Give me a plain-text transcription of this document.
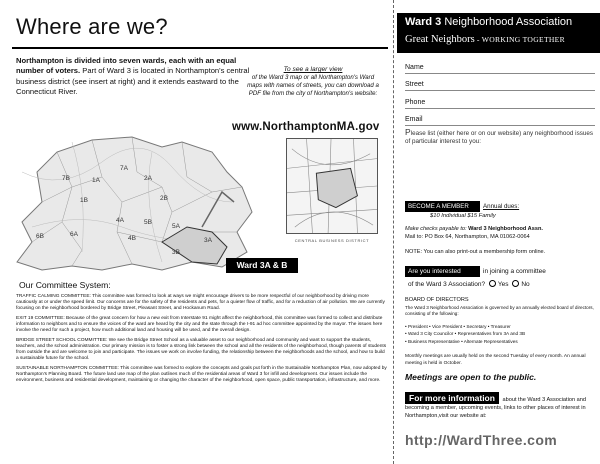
Where are we?
Northampton is divided into seven wards, each with an equal number of voters. Part of Ward 3 is located in Northampton's central business district (see insert at right) and it extends eastward to the Connecticut River.
To see a larger view
of the Ward 3 map or all Northampton's Ward maps with names of streets, you can download a PDF file from the city of Northampton's website:
www.NorthamptonMA.gov
7B
7A
1A
1B
2A
2B
6B	6A
4A
4B
5B
5A
3A
3B
CENTRAL BUSINESS DISTRICT
Ward 3A & B
Our Committee System:

TRAFFIC CALMING COMMITTEE: This committee was formed to look at ways we might encourage drivers to be more respectful of our neighborhood by driving more cautiously at or under the speed limit. Our concerns are for the safety of the residents and pets, for a quieter flow of traffic, and for a reduction of air pollution. We are currently focusing on the neighborhood bordered by Bridge Street, Pleasant Street, and Hockanum Road.

EXIT 19 COMMITTEE: Because of the great concern for how a new exit from Interstate 91 might affect the neighborhood, this committee was formed to collect and distribute information to neighbors and to ensure the voices of the ward are heard by the city and the state through the I-91 ad hoc committee appointed by the mayor. The issues here involve the need for such a project, how much additional land and housing will be used, and the overall design.

BRIDGE STREET SCHOOL COMMITTEE: We see the Bridge Street School as a valuable asset to our neighborhood and community and want to support the students, teachers, and the school administration. Our primary mission is to foster a strong link between the school and all the residents of the neighborhood, though parents of students from outside the ard are welcome to join and participate. The issues we work on involve funding, the relationship between the neighborhoods and the school, and how to build a sustainable future for the school.

SUSTAINABLE NORTHAMPTON COMMITTEE: This committee was formed to explore the concepts and goals put forth in the Sustainable Northampton Plan, now adopted by Northampton's Planning Board. The future land use map of the plan outlines much of the residential areas of Ward 3 for infill and development. Our issues include the environment, business and residential development, maintaining or changing the character of the neighborhood, open space, public transportation, infrastructure, and more.

Ward 3 Neighborhood Association
Great Neighbors - WORKING TOGETHER
Name
Street
Phone
Email
Please list (either here or on our website) any neighborhood issues of particular interest to you:
BECOME A MEMBER	Annual dues:
$10 Individual $15 Family
Make checks payable to: Ward 3 Neighborhood Assn.
Mail to: PO Box 64, Northampton, MA 01062-0064
NOTE: You can also print-out a membership form online.
Are you interested	in joining a committee
of the Ward 3 Association? Yes No
BOARD OF DIRECTORS
The Ward 3 Neighborhood Association is governed by an annually elected board of directors, consisting of the following:
• President • Vice President • Secretary • Treasurer
• Ward 3 City Councilor • Representatives from 3A and 3B
• Business Representative • Alternate Representatives
Monthly meetings are usually held on the second Tuesday of every month. An annual meeting is held in October.
Meetings are open to the public.
For more information about the Ward 3 Association and becoming a member, upcoming events, links to other places of interest in Northampton,visit our website at:
http://WardThree.com
